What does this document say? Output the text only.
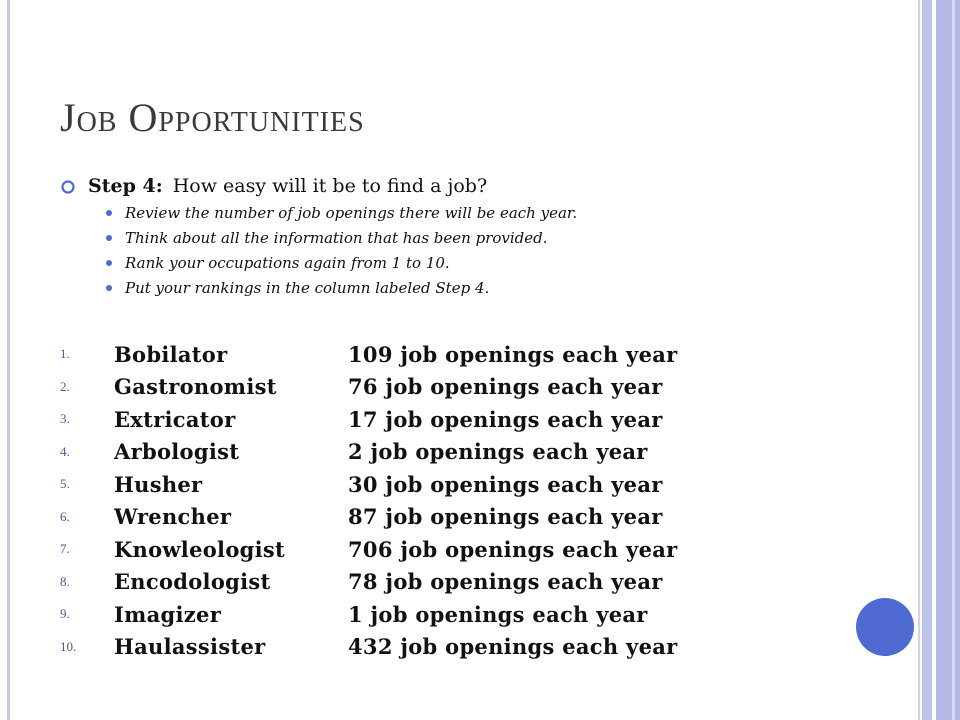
Job Opportunities
Step 4: How easy will it be to find a job?
Review the number of job openings there will be each year.
Think about all the information that has been provided.
Rank your occupations again from 1 to 10.
Put your rankings in the column labeled Step 4.
1.	Bobilator	109 job openings each year
2.	Gastronomist	76 job openings each year
3.	Extricator	17 job openings each year
4.	Arbologist	2 job openings each year
5.	Husher	30 job openings each year
6.	Wrencher	87 job openings each year
7.	Knowleologist	706 job openings each year
8.	Encodologist	78 job openings each year
9.	Imagizer	1 job openings each year
10.	Haulassister	432 job openings each year
